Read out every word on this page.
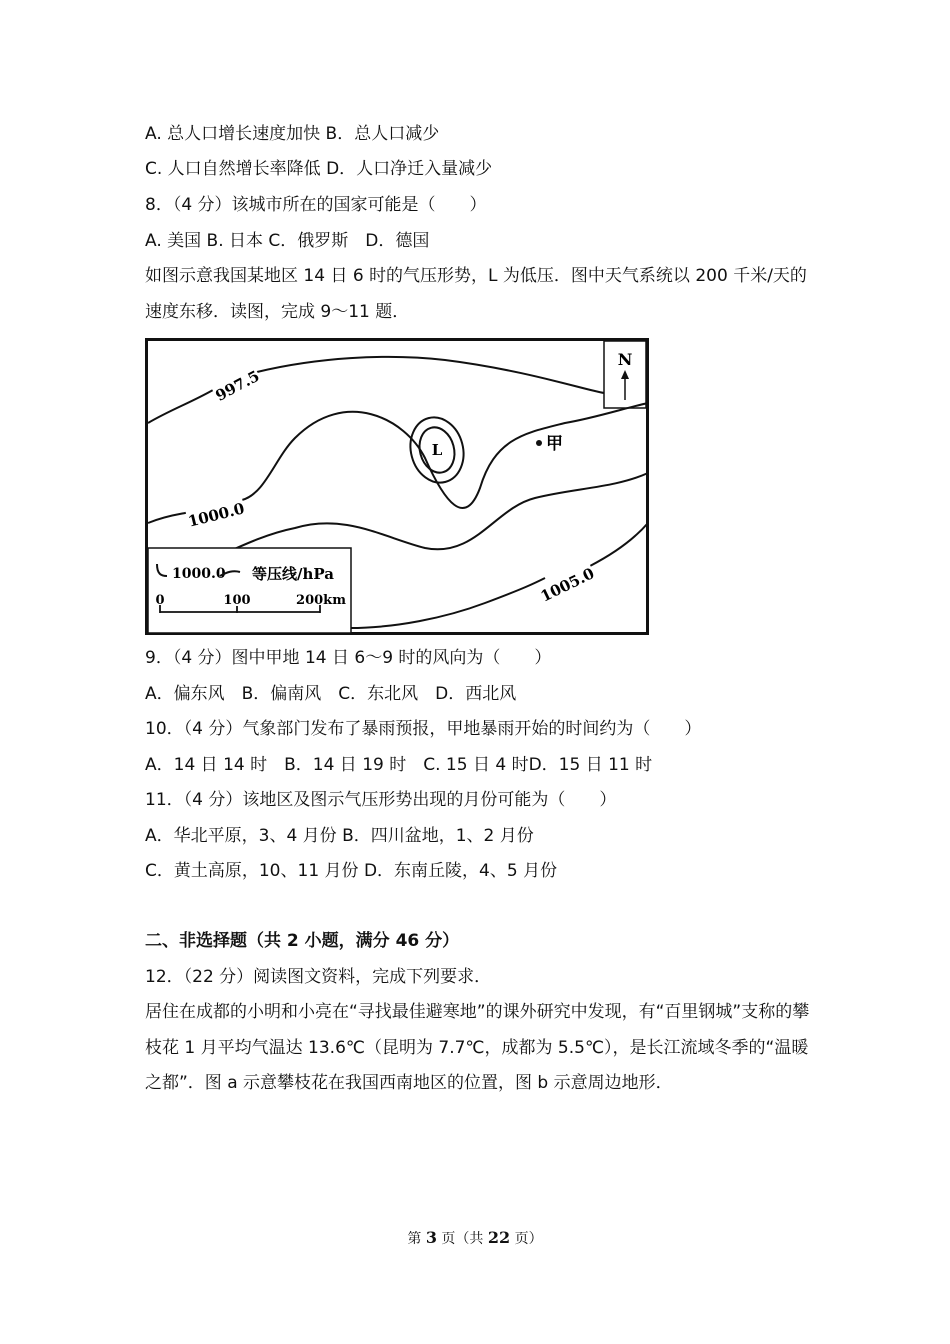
A. 总人口增长速度加快 B．总人口减少
C. 人口自然增长率降低 D．人口净迁入量减少
8．（4 分）该城市所在的国家可能是（　　）
A. 美国 B. 日本 C．俄罗斯　D．德国
如图示意我国某地区 14 日 6 时的气压形势，L 为低压．图中天气系统以 200 千米/天的速度东移．读图，完成 9～11 题．
N
L	甲
997.5
1000.0
1005.0
1000.0 等压线/hPa
0	100	200km
9．（4 分）图中甲地 14 日 6～9 时的风向为（　　）
A．偏东风　B．偏南风　C．东北风　D．西北风
10．（4 分）气象部门发布了暴雨预报，甲地暴雨开始的时间约为（　　）
A．14 日 14 时　B．14 日 19 时　C. 15 日 4 时D．15 日 11 时
11．（4 分）该地区及图示气压形势出现的月份可能为（　　）
A．华北平原，3、4 月份 B．四川盆地，1、2 月份
C．黄土高原，10、11 月份 D．东南丘陵，4、5 月份
二、非选择题（共 2 小题，满分 46 分）
12．（22 分）阅读图文资料，完成下列要求．
居住在成都的小明和小亮在“寻找最佳避寒地”的课外研究中发现，有“百里钢城”支称的攀枝花 1 月平均气温达 13.6℃（昆明为 7.7℃，成都为 5.5℃），是长江流域冬季的“温暖之都”．图 a 示意攀枝花在我国西南地区的位置，图 b 示意周边地形．
第 3 页（共 22 页）
